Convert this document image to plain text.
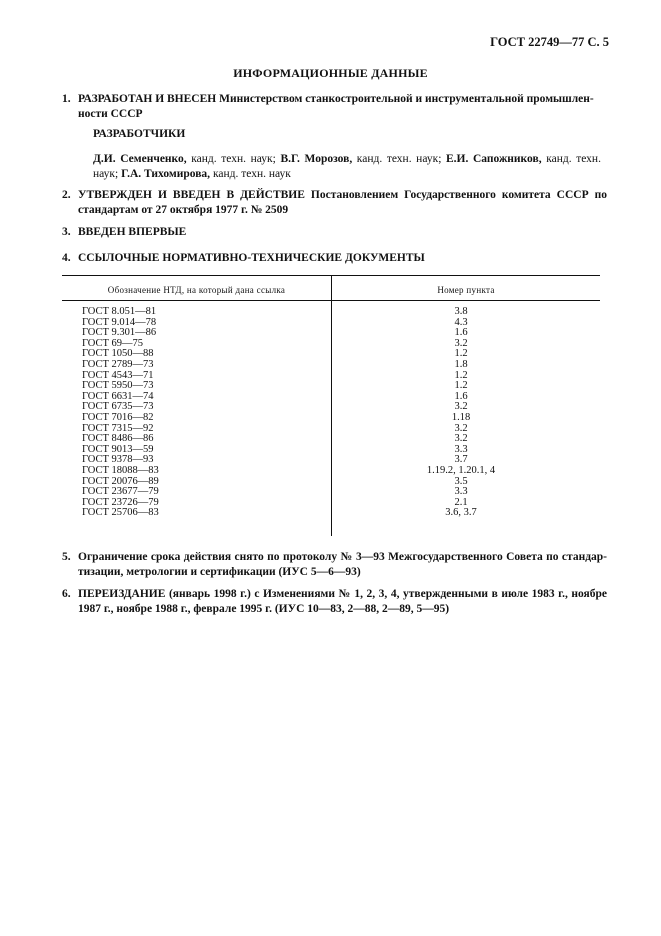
ГОСТ 22749—77 С. 5
ИНФОРМАЦИОННЫЕ ДАННЫЕ
1. РАЗРАБОТАН И ВНЕСЕН Министерством станкостроительной и инструментальной промышлен-
ности СССР
РАЗРАБОТЧИКИ
Д.И. Семенченко, канд. техн. наук; В.Г. Морозов, канд. техн. наук; Е.И. Сапожников, канд. техн. наук; Г.А. Тихомирова, канд. техн. наук
2. УТВЕРЖДЕН И ВВЕДЕН В ДЕЙСТВИЕ Постановлением Государственного комитета СССР по стандартам от 27 октября 1977 г. № 2509
3. ВВЕДЕН ВПЕРВЫЕ
4. ССЫЛОЧНЫЕ НОРМАТИВНО-ТЕХНИЧЕСКИЕ ДОКУМЕНТЫ
Обозначение НТД, на который дана ссылка	Номер пункта
ГОСТ 8.051—81
ГОСТ 9.014—78
ГОСТ 9.301—86
ГОСТ 69—75
ГОСТ 1050—88
ГОСТ 2789—73
ГОСТ 4543—71
ГОСТ 5950—73
ГОСТ 6631—74
ГОСТ 6735—73
ГОСТ 7016—82
ГОСТ 7315—92
ГОСТ 8486—86
ГОСТ 9013—59
ГОСТ 9378—93
ГОСТ 18088—83
ГОСТ 20076—89
ГОСТ 23677—79
ГОСТ 23726—79
ГОСТ 25706—83
3.8
4.3
1.6
3.2
1.2
1.8
1.2
1.2
1.6
3.2
1.18
3.2
3.2
3.3
3.7
1.19.2, 1.20.1, 4
3.5
3.3
2.1
3.6, 3.7
5. Ограничение срока действия снято по протоколу № 3—93 Межгосударственного Совета по стандар-тизации, метрологии и сертификации (ИУС 5—6—93)
6. ПЕРЕИЗДАНИЕ (январь 1998 г.) с Изменениями № 1, 2, 3, 4, утвержденными в июле 1983 г., ноябре 1987 г., ноябре 1988 г., феврале 1995 г. (ИУС 10—83, 2—88, 2—89, 5—95)
